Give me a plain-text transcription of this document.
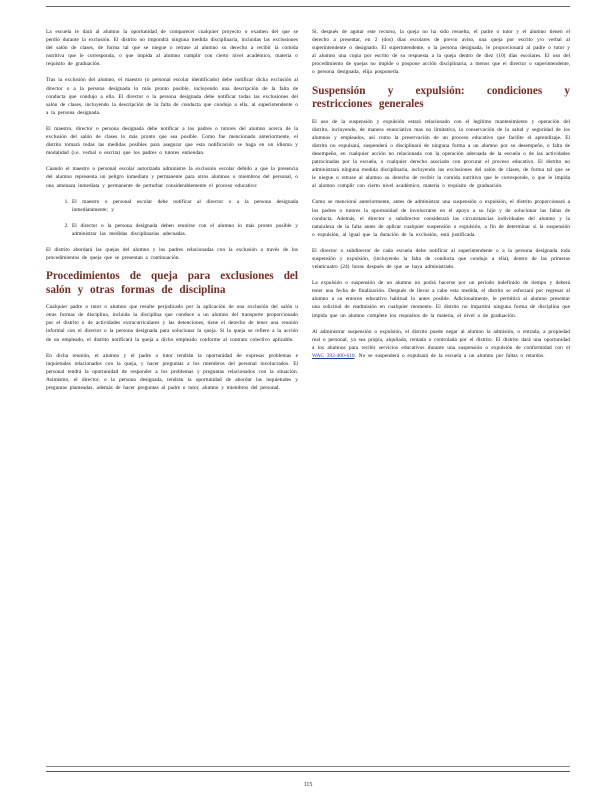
La escuela le dará al alumno la oportunidad de comparecer cualquier proyecto o examen del que se perdió durante la exclusión. El distrito no impondrá ninguna medida disciplinaria, incluidas las exclusiones del salón de clases, de forma tal que se niegue o retrase al alumno su derecho a recibir la comida nutritiva que le corresponda, o que impida al alumno cumplir con cierto nivel académico, materia o requisito de graduación.

Tras la exclusión del alumno, el maestro (o personal escolar identificado) debe notificar dicha exclusión al director o a la persona designada lo más pronto posible, incluyendo una descripción de la falta de conducta que condujo a ella. El director o la persona designada debe notificar todas las exclusiones del salón de clases, incluyendo la descripción de la falta de conducta que condujo a ella, al superintendente o a la persona designada.

El maestro, director o persona designada debe notificar a los padres o tutores del alumno acerca de la exclusión del salón de clases lo más pronto que sea posible. Como fue mencionado anteriormente, el distrito tomará todas las medidas posibles para asegurar que esta notificación se haga en un idioma y modalidad (i.e. verbal o escrita) que los padres o tutores entiendan.

Cuando el maestro o personal escolar autorizado administre la exclusión escolar debido a que la presencia del alumno representa un peligro inmediato y permanente para otros alumnos o miembros del personal, o una amenaza inmediata y permanente de perturbar considerablemente el proceso educativo:

1. El maestro o personal escolar debe notificar al director o a la persona designada inmediatamente; y
2. El director o la persona designada deben reunirse con el alumno lo más pronto posible y administrar las medidas disciplinarias adecuadas.

El distrito abordará las quejas del alumno y los padres relacionadas con la exclusión a través de los procedimientos de queja que se presentan a continuación.

Procedimientos de queja para exclusiones del salón y otras formas de disciplina

Cualquier padre o tutor o alumno que resulte perjudicado por la aplicación de una exclusión del salón u otras formas de disciplina, incluida la disciplina que conduce a un alumno del transporte proporcionado por el distrito o de actividades extracurriculares y las detenciones, tiene el derecho de tener una reunión informal con el director o la persona designada para solucionar la queja. Si la queja se refiere a la acción de un empleado, el distrito notificará la queja a dicho empleado conforme al contrato colectivo aplicable.

En dicha reunión, el alumno y el padre o tutor tendrán la oportunidad de expresar problemas e inquietudes relacionados con la queja, y hacer preguntas a los miembros del personal involucrados. El personal tendrá la oportunidad de responder a los problemas y preguntas relacionados con la situación. Asimismo, el director, o la persona designada, tendrán la oportunidad de abordar las inquietudes y preguntas planteadas, además de hacer preguntas al padre o tutor, alumno y miembros del personal.

Si, después de agotar este recurso, la queja no ha sido resuelta, el padre o tutor y el alumno tienen el derecho a presentar, en 2 (dos) días escolares de previo aviso, una queja por escrito y/o verbal al superintendente o designado. El superintendente, o la persona designada, le proporcionará al padre o tutor y al alumno una copia por escrito de su respuesta a la queja dentro de diez (10) días escolares. El uso del procedimiento de quejas no impide o pospone acción disciplinaria, a menos que el director o superintendente, o persona designada, elija posponerla.

Suspensión y expulsión: condiciones y restricciones generales

El uso de la suspensión y expulsión estará relacionado con el legítimo mantenimiento y operación del distrito, incluyendo, de manera enunciativa mas no limitativa, la conservación de la salud y seguridad de los alumnos y empleados, así como la preservación de un proceso educativo que facilite el aprendizaje. El distrito no expulsará, suspenderá o disciplinará de ninguna forma a un alumno por su desempeño, o falta de desempeño, en cualquier acción no relacionada con la operación adecuada de la escuela o de las actividades patrocinadas por la escuela, o cualquier derecho asociado con procurar el proceso educativo. El distrito no administrará ninguna medida disciplinaria, incluyendo las exclusiones del salón de clases, de forma tal que se le niegue o retrase al alumno su derecho de recibir la comida nutritiva que le corresponde, o que le impida al alumno cumplir con cierto nivel académico, materia o requisito de graduación.

Como se mencionó anteriormente, antes de administrar una suspensión o expulsión, el distrito proporcionará a los padres o tutores la oportunidad de involucrarse en el apoyo a su hijo y de solucionar las faltas de conducta. Además, el director o subdirector considerará las circunstancias individuales del alumno y la naturaleza de la falta antes de aplicar cualquier suspensión o expulsión, a fin de determinar si la suspensión o expulsión, al igual que la duración de la exclusión, está justificada.

El director o subdirector de cada escuela debe notificar al superintendente o a la persona designada toda suspensión y expulsión, (incluyendo la falta de conducta que condujo a ella), dentro de las primeras veinticuatro (24) horas después de que se haya administrado.

La expulsión o suspensión de un alumno no podrá hacerse por un periodo indefinido de tiempo y deberá tener una fecha de finalización. Después de llevar a cabo esta medida, el distrito se esforzará por regresar al alumno a su entorno educativo habitual lo antes posible. Adicionalmente, le permitirá al alumno presentar una solicitud de readmisión en cualquier momento. El distrito no impartirá ninguna forma de disciplina que impida que un alumno complete los requisitos de la materia, el nivel o de graduación.

Al administrar suspensión o expulsión, el distrito puede negar al alumno la admisión, o entrada, a propiedad real o personal, ya sea propia, alquilada, rentada o controlada por el distrito. El distrito dará una oportunidad a los alumnos para recibir servicios educativos durante una suspensión o expulsión de conformidad con el WAC 392-400-610. No se suspenderá o expulsará de la escuela a un alumno por faltas o retardos.

115
